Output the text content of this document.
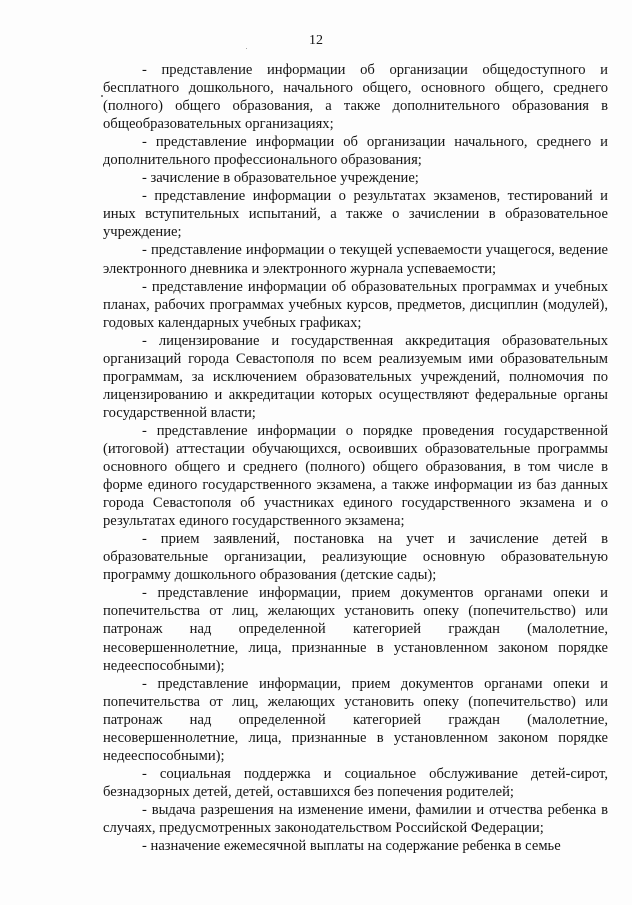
12

- представление информации об организации общедоступного и бесплатного дошкольного, начального общего, основного общего, среднего (полного) общего образования, а также дополнительного образования в общеобразовательных организациях;

- представление информации об организации начального, среднего и дополнительного профессионального образования;

- зачисление в образовательное учреждение;

- представление информации о результатах экзаменов, тестирований и иных вступительных испытаний, а также о зачислении в образовательное учреждение;

- представление информации о текущей успеваемости учащегося, ведение электронного дневника и электронного журнала успеваемости;

- представление информации об образовательных программах и учебных планах, рабочих программах учебных курсов, предметов, дисциплин (модулей), годовых календарных учебных графиках;

- лицензирование и государственная аккредитация образовательных организаций города Севастополя по всем реализуемым ими образовательным программам, за исключением образовательных учреждений, полномочия по лицензированию и аккредитации которых осуществляют федеральные органы государственной власти;

- представление информации о порядке проведения государственной (итоговой) аттестации обучающихся, освоивших образовательные программы основного общего и среднего (полного) общего образования, в том числе в форме единого государственного экзамена, а также информации из баз данных города Севастополя об участниках единого государственного экзамена и о результатах единого государственного экзамена;

- прием заявлений, постановка на учет и зачисление детей в образовательные организации, реализующие основную образовательную программу дошкольного образования (детские сады);

- представление информации, прием документов органами опеки и попечительства от лиц, желающих установить опеку (попечительство) или патронаж над определенной категорией граждан (малолетние, несовершеннолетние, лица, признанные в установленном законом порядке недееспособными);

- представление информации, прием документов органами опеки и попечительства от лиц, желающих установить опеку (попечительство) или патронаж над определенной категорией граждан (малолетние, несовершеннолетние, лица, признанные в установленном законом порядке недееспособными);

- социальная поддержка и социальное обслуживание детей-сирот, безнадзорных детей, детей, оставшихся без попечения родителей;

- выдача разрешения на изменение имени, фамилии и отчества ребенка в случаях, предусмотренных законодательством Российской Федерации;

- назначение ежемесячной выплаты на содержание ребенка в семье
